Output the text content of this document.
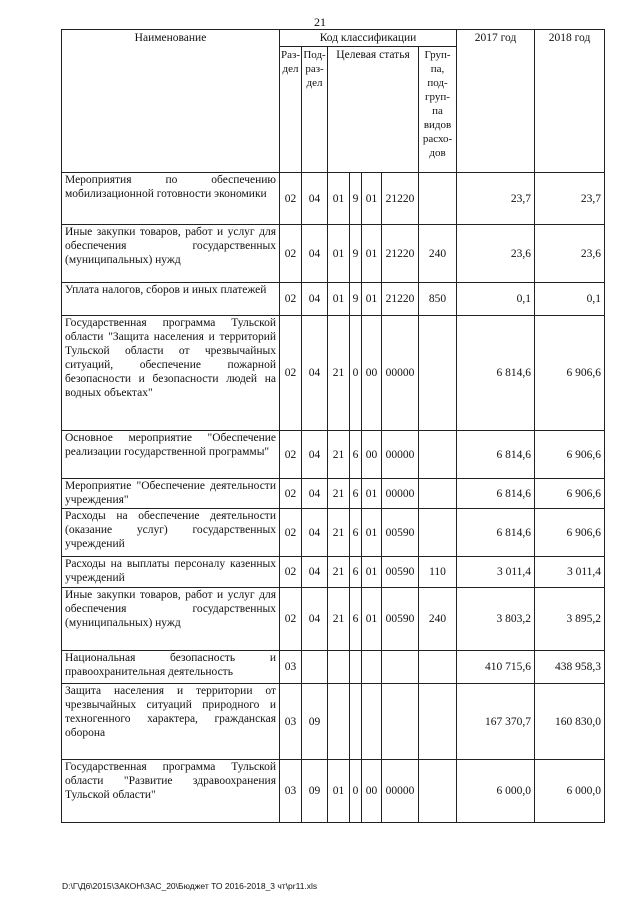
21
Наименование	Код классификации							2017 год	2018 год
	Раз-дел	Под-раз-дел	Целевая статья				Груп-па, под-груп-па видов расхо-дов		
Мероприятия по обеспечению мобилизационной готовности экономики	02	04	01	9	01	21220		23,7	23,7
Иные закупки товаров, работ и услуг для обеспечения государственных (муниципальных) нужд	02	04	01	9	01	21220	240	23,6	23,6
Уплата налогов, сборов и иных платежей	02	04	01	9	01	21220	850	0,1	0,1
Государственная программа Тульской области "Защита населения и территорий Тульской области от чрезвычайных ситуаций, обеспечение пожарной безопасности и безопасности людей на водных объектах"	02	04	21	0	00	00000		6 814,6	6 906,6
Основное мероприятие "Обеспечение реализации государственной программы"	02	04	21	6	00	00000		6 814,6	6 906,6
Мероприятие "Обеспечение деятельности учреждения"	02	04	21	6	01	00000		6 814,6	6 906,6
Расходы на обеспечение деятельности (оказание услуг) государственных учреждений	02	04	21	6	01	00590		6 814,6	6 906,6
Расходы на выплаты персоналу казенных учреждений	02	04	21	6	01	00590	110	3 011,4	3 011,4
Иные закупки товаров, работ и услуг для обеспечения государственных (муниципальных) нужд	02	04	21	6	01	00590	240	3 803,2	3 895,2
Национальная безопасность и правоохранительная деятельность	03							410 715,6	438 958,3
Защита населения и территории от чрезвычайных ситуаций природного и техногенного характера, гражданская оборона	03	09						167 370,7	160 830,0
Государственная программа Тульской области "Развитие здравоохранения Тульской области"	03	09	01	0	00	00000		6 000,0	6 000,0
D:\Г\Д6\2015\ЗАКОН\ЗАС_20\Бюджет ТО 2016-2018_3 чт\pr11.xls
